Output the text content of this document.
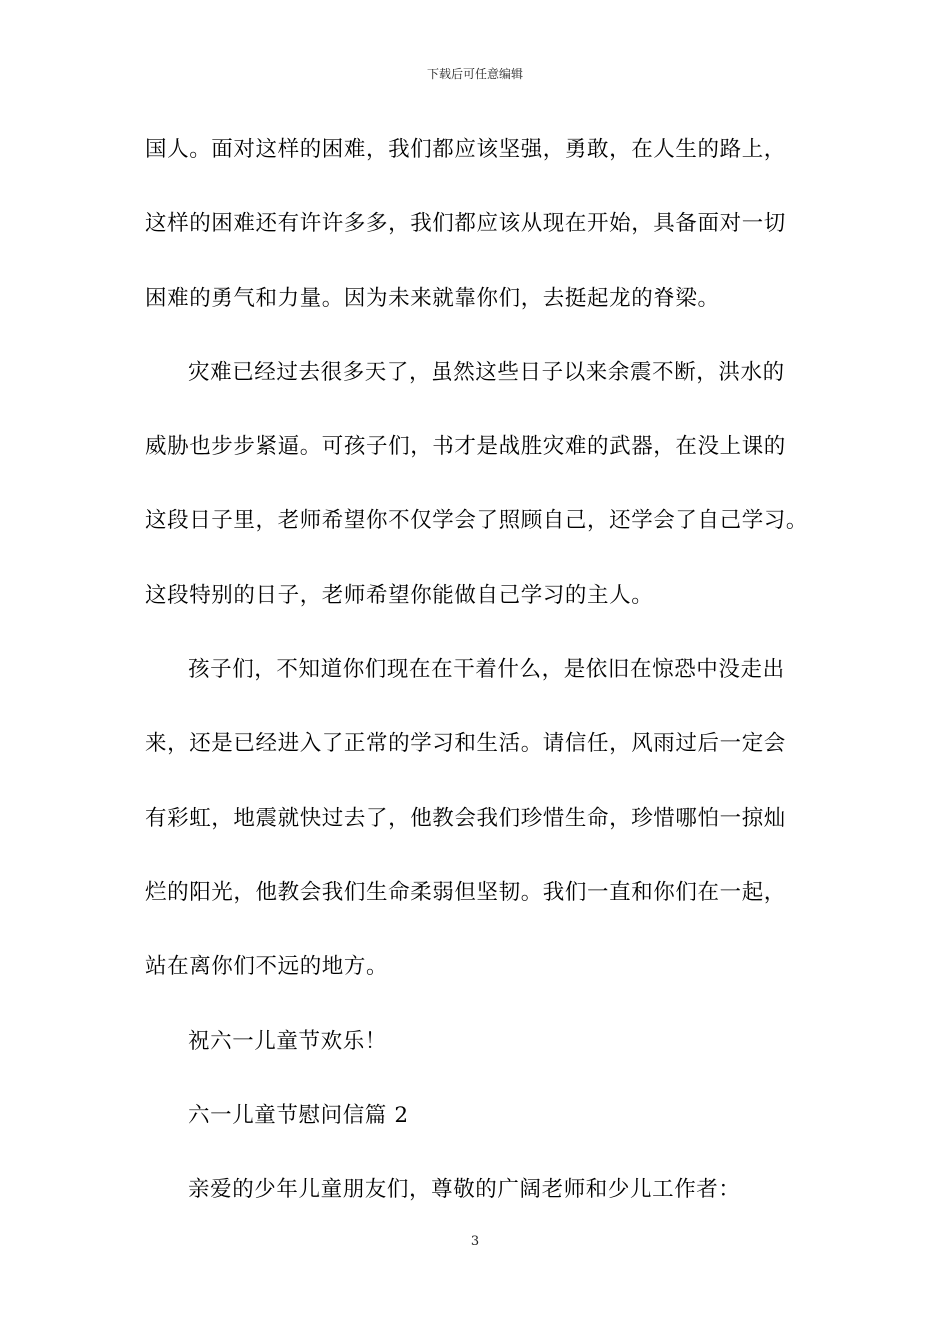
下载后可任意编辑
国人。面对这样的困难，我们都应该坚强，勇敢，在人生的路上，
这样的困难还有许许多多，我们都应该从现在开始，具备面对一切
困难的勇气和力量。因为未来就靠你们，去挺起龙的脊梁。
灾难已经过去很多天了，虽然这些日子以来余震不断，洪水的
威胁也步步紧逼。可孩子们，书才是战胜灾难的武器，在没上课的
这段日子里，老师希望你不仅学会了照顾自己，还学会了自己学习。
这段特别的日子，老师希望你能做自己学习的主人。
孩子们，不知道你们现在在干着什么，是依旧在惊恐中没走出
来，还是已经进入了正常的学习和生活。请信任，风雨过后一定会
有彩虹，地震就快过去了，他教会我们珍惜生命，珍惜哪怕一掠灿
烂的阳光，他教会我们生命柔弱但坚韧。我们一直和你们在一起，
站在离你们不远的地方。
祝六一儿童节欢乐！
六一儿童节慰问信篇 2
亲爱的少年儿童朋友们，尊敬的广阔老师和少儿工作者：
3
